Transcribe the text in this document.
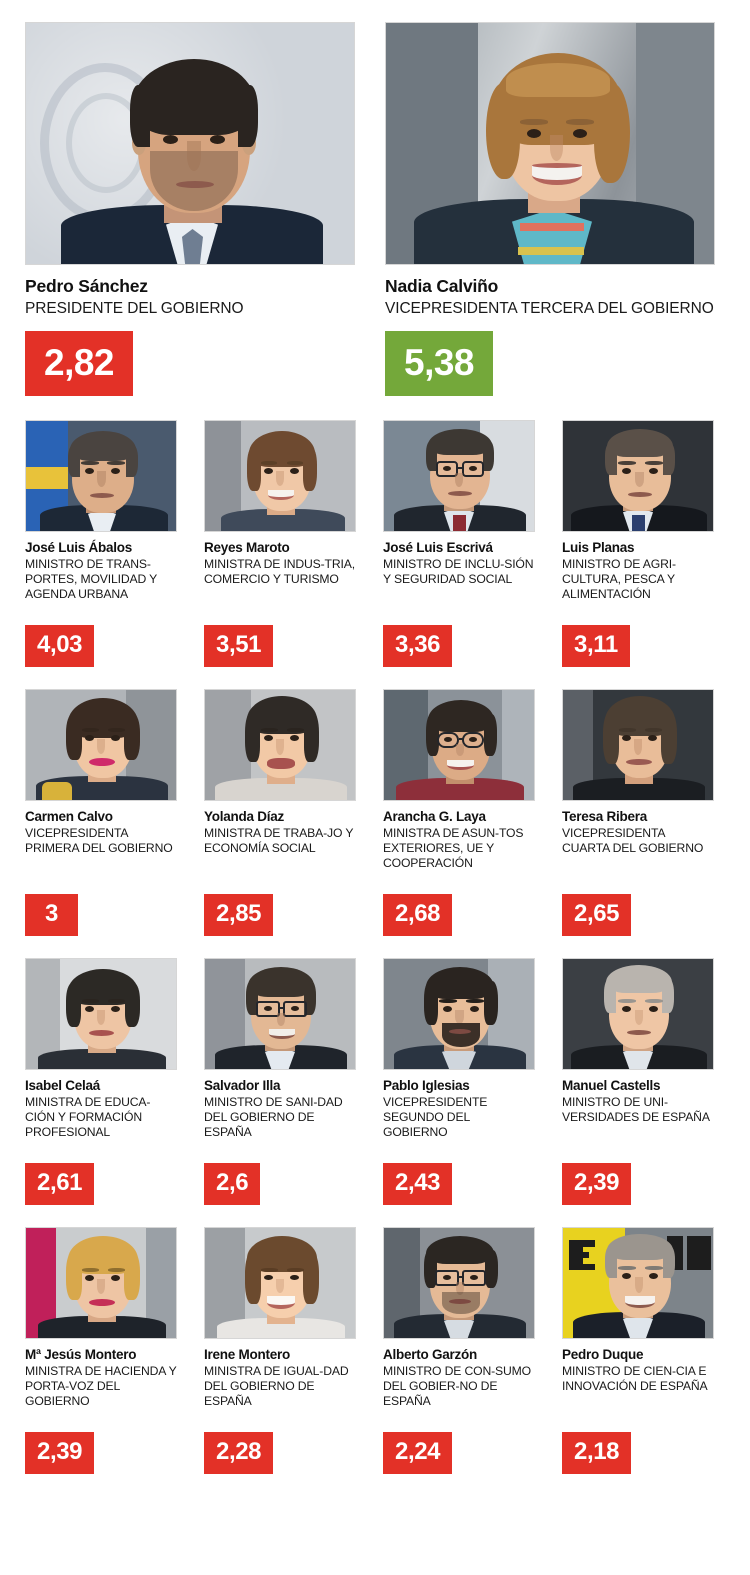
Pedro Sánchez
PRESIDENTE DEL GOBIERNO
2,82
Nadia Calviño
VICEPRESIDENTA TERCERA DEL GOBIERNO
5,38
José Luis Ábalos
MINISTRO DE TRANS-PORTES, MOVILIDAD Y AGENDA URBANA
4,03
Reyes Maroto
MINISTRA DE INDUS-TRIA, COMERCIO Y TURISMO
3,51
José Luis Escrivá
MINISTRO DE INCLU-SIÓN Y SEGURIDAD SOCIAL
3,36
Luis Planas
MINISTRO DE AGRI-CULTURA, PESCA Y ALIMENTACIÓN
3,11
Carmen Calvo
VICEPRESIDENTA PRIMERA DEL GOBIERNO
3
Yolanda Díaz
MINISTRA DE TRABA-JO Y ECONOMÍA SOCIAL
2,85
Arancha G. Laya
MINISTRA DE ASUN-TOS EXTERIORES, UE Y COOPERACIÓN
2,68
Teresa Ribera
VICEPRESIDENTA CUARTA DEL GOBIERNO
2,65
Isabel Celaá
MINISTRA DE EDUCA-CIÓN Y FORMACIÓN PROFESIONAL
2,61
Salvador Illa
MINISTRO DE SANI-DAD DEL GOBIERNO DE ESPAÑA
2,6
Pablo Iglesias
VICEPRESIDENTE SEGUNDO DEL GOBIERNO
2,43
Manuel Castells
MINISTRO DE UNI-VERSIDADES DE ESPAÑA
2,39
Mª Jesús Montero
MINISTRA DE HACIENDA Y PORTA-VOZ DEL GOBIERNO
2,39
Irene Montero
MINISTRA DE IGUAL-DAD DEL GOBIERNO DE ESPAÑA
2,28
Alberto Garzón
MINISTRO DE CON-SUMO DEL GOBIER-NO DE ESPAÑA
2,24
Pedro Duque
MINISTRO DE CIEN-CIA E INNOVACIÓN DE ESPAÑA
2,18
